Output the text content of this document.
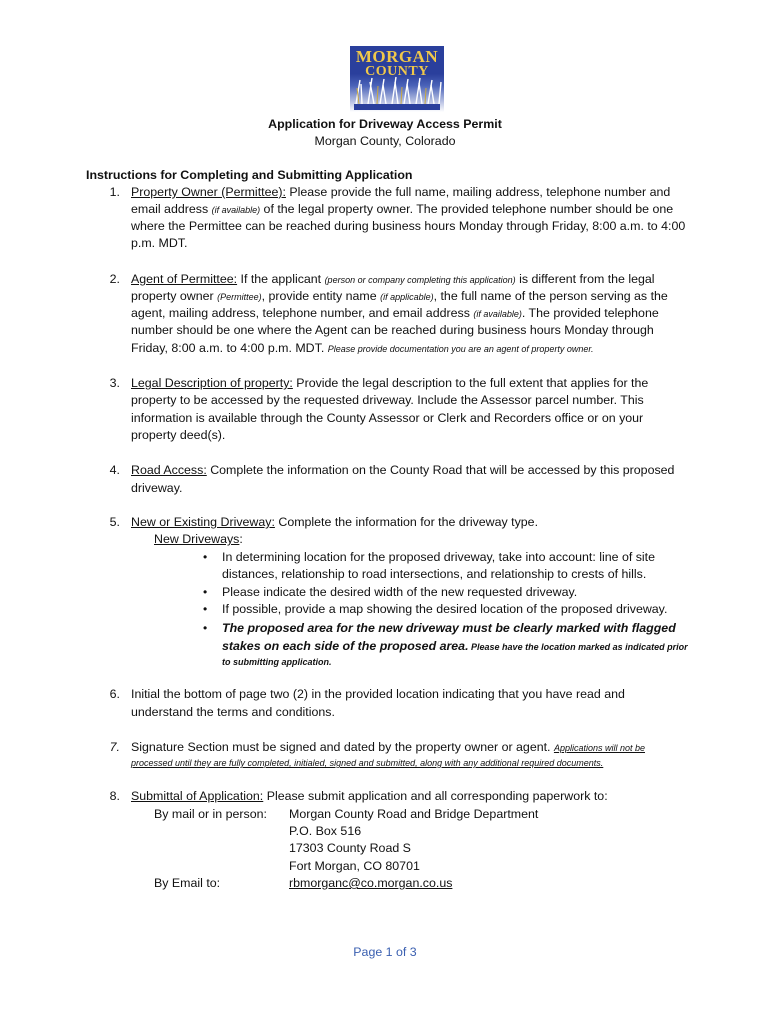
MORGAN
COUNTY
Application for Driveway Access Permit
Morgan County, Colorado
Instructions for Completing and Submitting Application
1. Property Owner (Permittee): Please provide the full name, mailing address, telephone number and
email address (if available) of the legal property owner. The provided telephone number should be one
where the Permittee can be reached during business hours Monday through Friday, 8:00 a.m. to 4:00
p.m. MDT.
2. Agent of Permittee: If the applicant (person or company completing this application) is different from the legal
property owner (Permittee), provide entity name (if applicable), the full name of the person serving as the
agent, mailing address, telephone number, and email address (if available). The provided telephone
number should be one where the Agent can be reached during business hours Monday through
Friday, 8:00 a.m. to 4:00 p.m. MDT. Please provide documentation you are an agent of property owner.
3. Legal Description of property: Provide the legal description to the full extent that applies for the
property to be accessed by the requested driveway. Include the Assessor parcel number. This
information is available through the County Assessor or Clerk and Recorders office or on your
property deed(s).
4. Road Access: Complete the information on the County Road that will be accessed by this proposed
driveway.
5. New or Existing Driveway: Complete the information for the driveway type.
New Driveways:
• In determining location for the proposed driveway, take into account: line of site
distances, relationship to road intersections, and relationship to crests of hills.
• Please indicate the desired width of the new requested driveway.
• If possible, provide a map showing the desired location of the proposed driveway.
• The proposed area for the new driveway must be clearly marked with flagged
stakes on each side of the proposed area. Please have the location marked as indicated prior
to submitting application.
6. Initial the bottom of page two (2) in the provided location indicating that you have read and
understand the terms and conditions.
7. Signature Section must be signed and dated by the property owner or agent. Applications will not be
processed until they are fully completed, initialed, signed and submitted, along with any additional required documents.
8. Submittal of Application: Please submit application and all corresponding paperwork to:
By mail or in person: Morgan County Road and Bridge Department
P.O. Box 516
17303 County Road S
Fort Morgan, CO 80701
By Email to:	rbmorganc@co.morgan.co.us
Page 1 of 3
